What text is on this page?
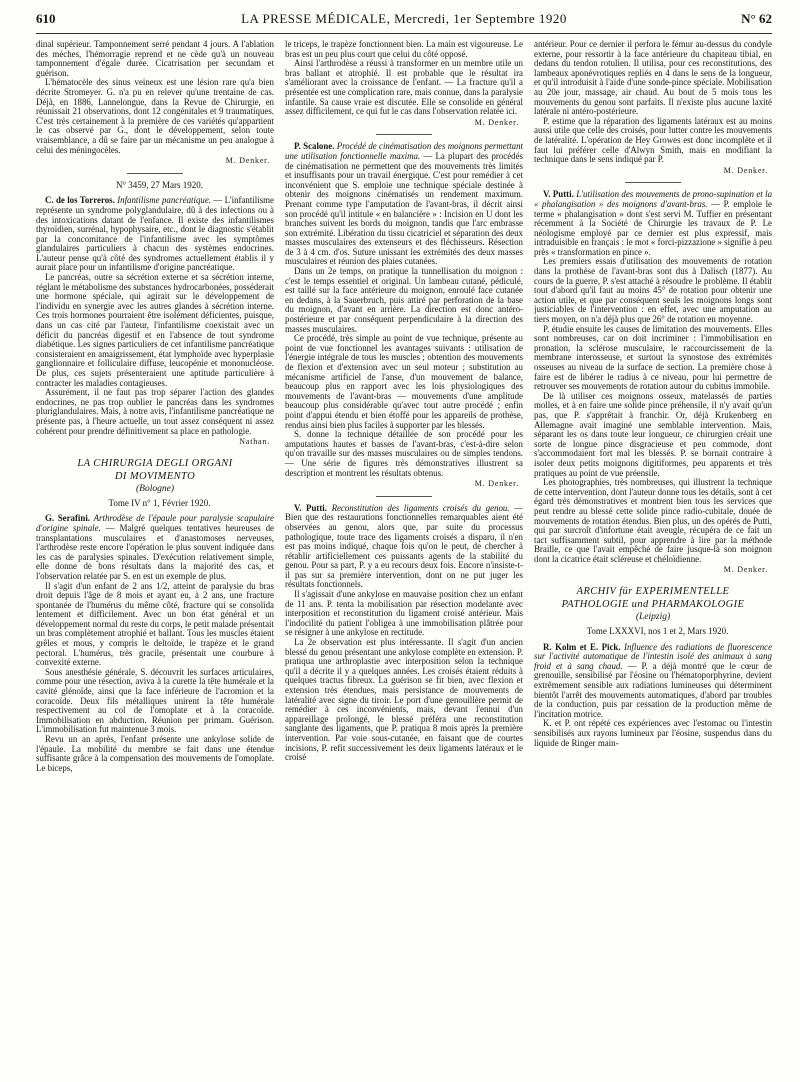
610	LA PRESSE MÉDICALE, Mercredi, 1er Septembre 1920	N° 62

dinal supérieur. Tamponnement serré pendant 4 jours. A l'ablation des mèches, l'hémorragie reprend et ne cède qu'à un nouveau tamponnement d'égale durée. Cicatrisation per secundam et guérison.

L'hématocèle des sinus veineux est une lésion rare qu'a bien décrite Stromeyer. G. n'a pu en relever qu'une trentaine de cas. Déjà, en 1886, Lannelongue, dans la Revue de Chirurgie, en réunissait 21 observations, dont 12 congénitales et 9 traumatiques. C'est très certainement à la première de ces variétés qu'appartient le cas observé par G., dont le développement, selon toute vraisemblance, a dû se faire par un mécanisme un peu analogue à celui des méningocèles.

M. Denker.

N° 3459, 27 Mars 1920.

C. de los Torreros. Infantilisme pancréatique. — L'infantilisme représente un syndrome polyglandulaire, dû à des infections ou à des intoxications datant de l'enfance. Il existe des infantilismes thyroïdien, surrénal, hypophysaire, etc., dont le diagnostic s'établit par la concomitance de l'infantilisme avec les symptômes glandulaires particuliers à chacun des systèmes endocrines. L'auteur pense qu'à côté des syndromes actuellement établis il y aurait place pour un infantilisme d'origine pancréatique.

Le pancréas, outre sa sécrétion externe et sa sécrétion interne, réglant le métabolisme des substances hydrocarbonées, posséderait une hormone spéciale, qui agirait sur le développement de l'individu en synergie avec les autres glandes à sécrétion interne. Ces trois hormones pourraient être isolément déficientes, puisque, dans un cas cité par l'auteur, l'infantilisme coexistait avec un déficit du pancréas digestif et en l'absence de tout syndrome diabétique. Les signes particuliers de cet infantilisme pancréatique consisteraient en amaigrissement, état lymphoïde avec hyperplasie ganglionnaire et folliculaire diffuse, leucopénie et mononucléose. De plus, ces sujets présenteraient une aptitude particulière à contracter les maladies contagieuses.

Assurément, il ne faut pas trop séparer l'action des glandes endocrines, ne pas trop oublier le pancréas dans les syndromes pluriglandulaires. Mais, à notre avis, l'infantilisme pancréatique ne présente pas, à l'heure actuelle, un tout assez conséquent ni assez cohérent pour prendre définitivement sa place en pathologie.

Nathan.
LA CHIRURGIA DEGLI ORGANI
DI MOVIMENTO
(Bologne)

Tome IV n° 1, Février 1920.

G. Serafini. Arthrodèse de l'épaule pour paralysie scapulaire d'origine spinale. — Malgré quelques tentatives heureuses de transplantations musculaires et d'anastomoses nerveuses, l'arthrodèse reste encore l'opération le plus souvent indiquée dans les cas de paralysies spinales. D'exécution relativement simple, elle donne de bons résultats dans la majorité des cas, et l'observation relatée par S. en est un exemple de plus.

Il s'agit d'un enfant de 2 ans 1/2, atteint de paralysie du bras droit depuis l'âge de 8 mois et ayant eu, à 2 ans, une fracture spontanée de l'humérus du même côté, fracture qui se consolida lentement et difficilement. Avec un bon état général et un développement normal du reste du corps, le petit malade présentait un bras complètement atrophié et ballant. Tous les muscles étaient grêles et mous, y compris le deltoïde, le trapèze et le grand pectoral. L'humérus, très gracile, présentait une courbure à convexité externe.

Sous anesthésie générale, S. découvrit les surfaces articulaires, comme pour une résection, aviva à la curette la tête humérale et la cavité glénoïde, ainsi que la face inférieure de l'acromion et la coracoïde. Deux fils métalliques unirent la tête humérale respectivement au col de l'omoplate et à la coracoïde. Immobilisation en abduction. Réunion per primam. Guérison. L'immobilisation fut maintenue 3 mois.

Revu un an après, l'enfant présente une ankylose solide de l'épaule. La mobilité du membre se fait dans une étendue suffisante grâce à la compensation des mouvements de l'omoplate. Le biceps,

le triceps, le trapèze fonctionnent bien. La main est vigoureuse. Le bras est un peu plus court que celui du côté opposé.

Ainsi l'arthrodèse a réussi à transformer en un membre utile un bras ballant et atrophié. Il est probable que le résultat ira s'améliorant avec la croissance de l'enfant. — La fracture qu'il a présentée est une complication rare, mais connue, dans la paralysie infantile. Sa cause vraie est discutée. Elle se consolide en général assez difficilement, ce qui fut le cas dans l'observation relatée ici.

M. Denker.

P. Scalone. Procédé de cinématisation des moignons permettant une utilisation fonctionnelle maxima. — La plupart des procédés de cinématisation ne permettent que des mouvements très limités et insuffisants pour un travail énergique. C'est pour remédier à cet inconvénient que S. emploie une technique spéciale destinée à obtenir des moignons cinématisés un rendement maximum. Prenant comme type l'amputation de l'avant-bras, il décrit ainsi son procédé qu'il intitule « en balancière » : Incision en U dont les branches suivent les bords du moignon, tandis que l'arc embrasse son extrémité. Libération du tissu cicatriciel et séparation des deux masses musculaires des extenseurs et des fléchisseurs. Résection de 3 à 4 cm. d'os. Suture unissant les extrémités des deux masses musculaires et réunion des plaies cutanées.

Dans un 2e temps, on pratique la tunnellisation du moignon : c'est le temps essentiel et original. Un lambeau cutané, pédiculé, est taillé sur la face antérieure du moignon, enroulé face cutanée en dedans, à la Sauerbruch, puis attiré par perforation de la base du moignon, d'avant en arrière. La direction est donc antéro-postérieure et par conséquent perpendiculaire à la direction des masses musculaires.

Ce procédé, très simple au point de vue technique, présente au point de vue fonctionnel les avantages suivants : utilisation de l'énergie intégrale de tous les muscles ; obtention des mouvements de flexion et d'extension avec un seul moteur ; substitution au mécanisme artificiel de l'anse, d'un mouvement de balance, beaucoup plus en rapport avec les lois physiologiques des mouvements de l'avant-bras — mouvements d'une amplitude beaucoup plus considérable qu'avec tout autre procédé ; enfin point d'appui étendu et bien étoffé pour les appareils de prothèse, rendus ainsi bien plus faciles à supporter par les blessés.

S. donne la technique détaillée de son procédé pour les amputations hautes et basses de l'avant-bras, c'est-à-dire selon qu'on travaille sur des masses musculaires ou de simples tendons. — Une série de figures très démonstratives illustrent sa description et montrent les résultats obtenus.

M. Denker.

V. Putti. Reconstitution des ligaments croisés du genou. — Bien que des restaurations fonctionnelles remarquables aient été observées au genou, alors que, par suite du processus pathologique, toute trace des ligaments croisés a disparu, il n'en est pas moins indiqué, chaque fois qu'on le peut, de chercher à rétablir artificiellement ces puissants agents de la stabilité du genou. Pour sa part, P. y a eu recours deux fois. Encore n'insiste-t-il pas sur sa première intervention, dont on ne put juger les résultats fonctionnels.

Il s'agissait d'une ankylose en mauvaise position chez un enfant de 11 ans. P. tenta la mobilisation par résection modelante avec interposition et reconstitution du ligament croisé antérieur. Mais l'indocilité du patient l'obligea à une immobilisation plâtrée pour se résigner à une ankylose en rectitude.

La 2e observation est plus intéressante. Il s'agit d'un ancien blessé du genou présentant une ankylose complète en extension. P. pratiqua une arthroplastie avec interposition selon la technique qu'il a décrite il y a quelques années. Les croisés étaient réduits à quelques tractus fibreux. La guérison se fit bien, avec flexion et extension très étendues, mais persistance de mouvements de latéralité avec signe du tiroir. Le port d'une genouillère permit de remédier à ces inconvénients, mais, devant l'ennui d'un appareillage prolongé, le blessé préféra une reconstitution sanglante des ligaments, que P. pratiqua 8 mois après la première intervention. Par voie sous-cutanée, en faisant que de courtes incisions, P. refit successivement les deux ligaments latéraux et le croisé

antérieur. Pour ce dernier il perfora le fémur au-dessus du condyle externe, pour ressortir à la face antérieure du chapiteau tibial, en dedans du tendon rotulien. Il utilisa, pour ces reconstitutions, des lambeaux aponévrotiques repliés en 4 dans le sens de la longueur, et qu'il introduisit à l'aide d'une sonde-pince spéciale. Mobilisation au 20e jour, massage, air chaud. Au bout de 5 mois tous les mouvements du genou sont parfaits. Il n'existe plus aucune laxité latérale ni antéro-postérieure.

P. estime que la réparation des ligaments latéraux est au moins aussi utile que celle des croisés, pour lutter contre les mouvements de latéralité. L'opération de Hey Growes est donc incomplète et il faut lui préférer celle d'Alwyn Smith, mais en modifiant la technique dans le sens indiqué par P.

M. Denker.

V. Putti. L'utilisation des mouvements de prono-supination et la « phalangisation » des moignons d'avant-bras. — P. emploie le terme « phalangisation » dont s'est servi M. Tuffier en présentant récemment à la Société de Chirurgie les travaux de P. Le néologisme employé par ce dernier est plus expressif, mais intraduisible en français : le mot « forci-pizzazione » signifie à peu près « transformation en pince ».

Les premiers essais d'utilisation des mouvements de rotation dans la prothèse de l'avant-bras sont dus à Dalisch (1877). Au cours de la guerre, P. s'est attaché à résoudre le problème. Il établit tout d'abord qu'il faut au moins 45° de rotation pour obtenir une action utile, et que par conséquent seuls les moignons longs sont justiciables de l'intervention : en effet, avec une amputation au tiers moyen, on n'a déjà plus que 26° de rotation en moyenne.

P. étudie ensuite les causes de limitation des mouvements. Elles sont nombreuses, car on doit incriminer : l'immobilisation en pronation, la sclérose musculaire, le raccourcissement de la membrane interosseuse, et surtout la synostose des extrémités osseuses au niveau de la surface de section. La première chose à faire est de libérer le radius à ce niveau, pour lui permettre de retrouver ses mouvements de rotation autour du cubitus immobile.

De là utiliser ces moignons osseux, matelassés de parties molles, et à en faire une solide pince préhensile, il n'y avait qu'un pas, que P. s'apprêtait à franchir. Or, déjà Krukenberg en Allemagne avait imaginé une semblable intervention. Mais, séparant les os dans toute leur longueur, ce chirurgien créait une sorte de longue pince disgracieuse et peu commode, dont s'accommodaient fort mal les blessés. P. se bornait contraire à isoler deux petits moignons digitiformes, peu apparents et très pratiques au point de vue préensile.

Les photographies, très nombreuses, qui illustrent la technique de cette intervention, dont l'auteur donne tous les détails, sont à cet égard très démonstratives et montrent bien tous les services que peut rendre au blessé cette solide pince radio-cubitale, douée de mouvements de rotation étendus. Bien plus, un des opérés de Putti, qui par surcroît d'infortune était aveugle, récupéra de ce fait un tact suffisamment subtil, pour apprendre à lire par la méthode Braille, ce que l'avait empêché de faire jusque-là son moignon dont la cicatrice était scléreuse et chéloïdienne.

M. Denker.
ARCHIV für EXPERIMENTELLE
PATHOLOGIE und PHARMAKOLOGIE
(Leipzig)

Tome LXXXVI, nos 1 et 2, Mars 1920.

R. Kolm et E. Pick. Influence des radiations de fluorescence sur l'activité automatique de l'intestin isolé des animaux à sang froid et à sang chaud. — P. a déjà montré que le cœur de grenouille, sensibilisé par l'éosine ou l'hématoporphyrine, devient extrêmement sensible aux radiations lumineuses qui déterminent bientôt l'arrêt des mouvements automatiques, d'abord par troubles de la conduction, puis par cessation de la production même de l'incitation motrice.

K. et P. ont répété ces expériences avec l'estomac ou l'intestin sensibilisés aux rayons lumineux par l'éosine, suspendus dans du liquide de Ringer main-
